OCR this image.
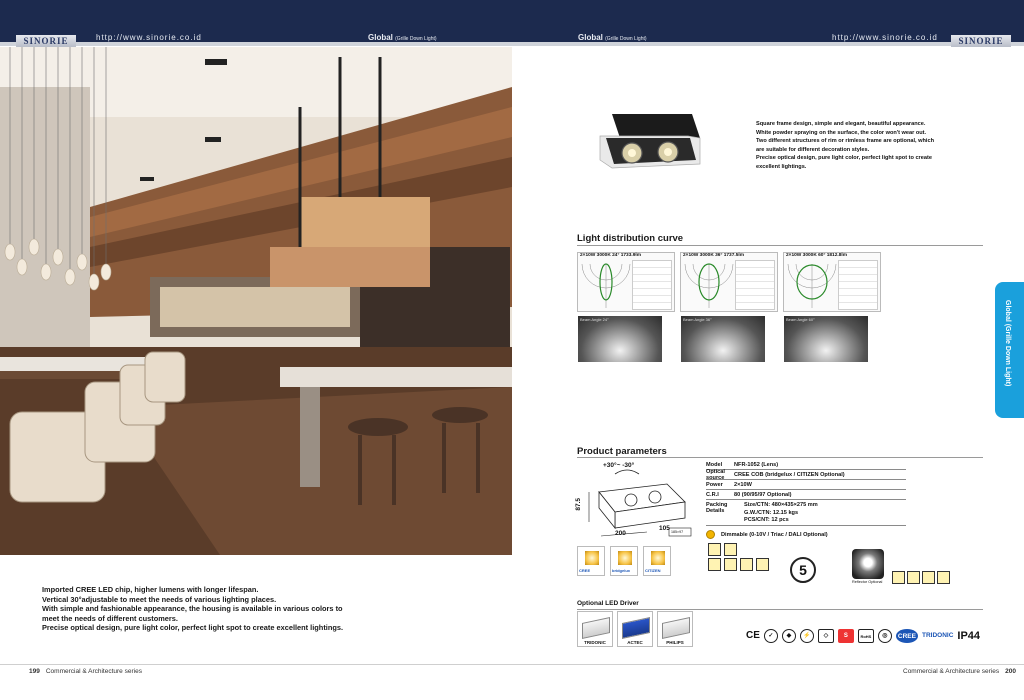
SINORIE	http://www.sinorie.co.id	Global (Grille Down Light)	Global (Grille Down Light)	http://www.sinorie.co.id	SINORIE
Imported CREE LED chip, higher lumens with longer lifespan.
Vertical 30°adjustable to meet the needs of various lighting places.
With simple and fashionable appearance, the housing is available in various colors to
meet the needs of different customers.
Precise optical design, pure light color, perfect light spot to create excellent lightings.
Square frame design, simple and elegant, beautiful appearance.
White powder spraying on the surface, the color won't wear out.
Two different structures of rim or rimless frame are optional, which
are suitable for different decoration styles.
Precise optical design, pure light color, perfect light spot to create
excellent lightings.
Light distribution curve
2×10W 3000K 24° 1733.9lm	2×10W 3000K 36° 1737.5lm	2×10W 3000K 60° 1812.8lm
Beam Angle 24°	Beam Angle 36°	Beam Angle 60°	Global (Grille Down Light)
Product parameters
+30°~ -30°
87.5
200
105 185×97
Model	NFR-1052 (Lens)
Optical source	CREE COB (bridgelux / CITIZEN Optional)
Power	2×10W
C.R.I	80 (90/95/97 Optional)
Packing Details
Size/CTN: 480×435×275 mm
G.W./CTN: 12.15 kgs
PCS/CNT: 12 pcs
Dimmable (0-10V / Triac / DALI Optional)
CREE	bridgelux	CITIZEN	5
Reflector Optional
Optional LED Driver
TRIDONIC	ACTEC	PHILIPS
CE	✓	◆	⚡	◇	S	RoHS	◎	CREE TRIDONIC IP44
199 Commercial & Architecture series	Commercial & Architecture series 200
